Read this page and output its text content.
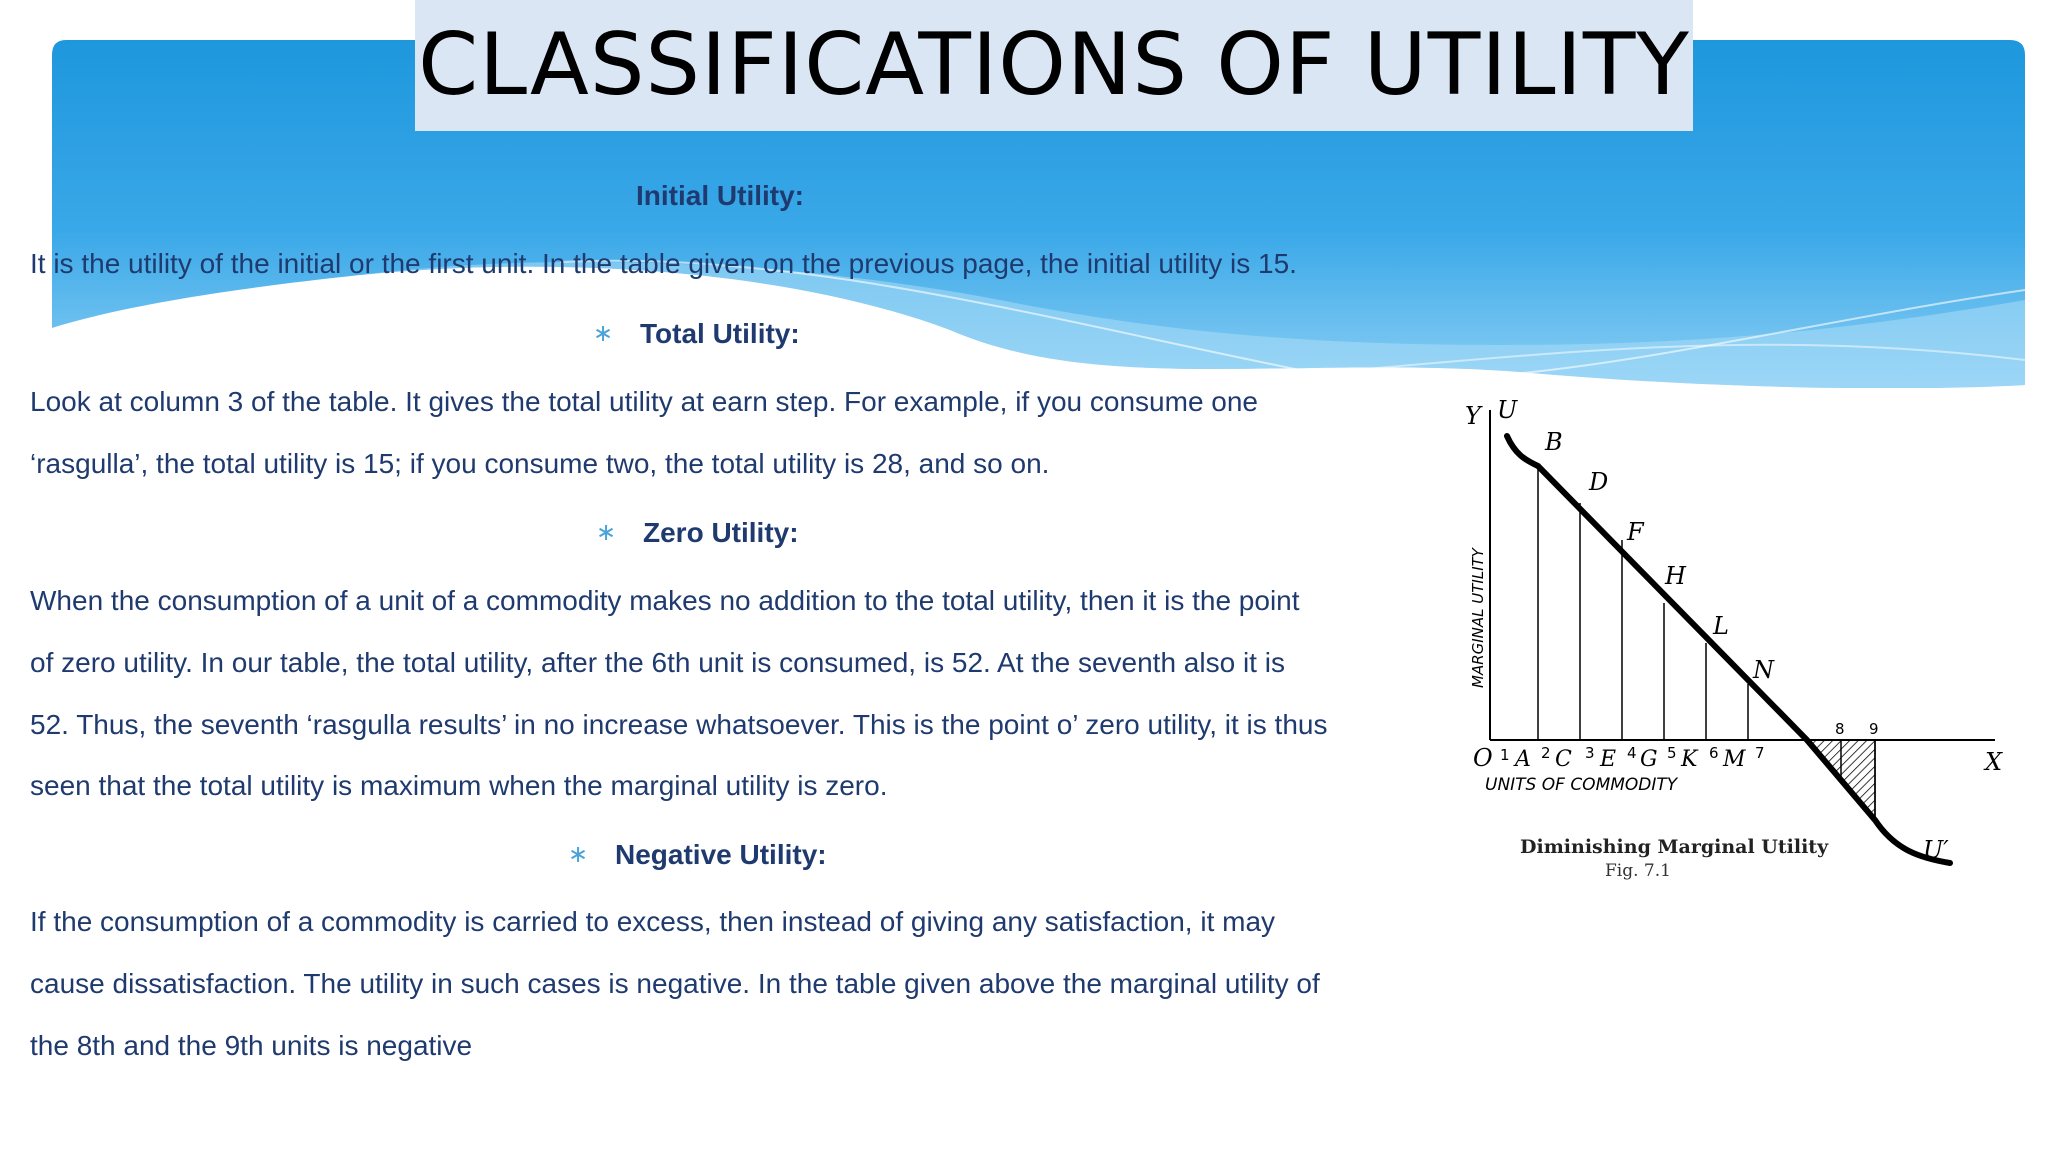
CLASSIFICATIONS OF UTILITY
Initial Utility:
It is the utility of the initial or the first unit. In the table given on the previous page, the initial utility is 15.
∗ Total Utility:
Look at column 3 of the table. It gives the total utility at earn step. For example, if you consume one
‘rasgulla’, the total utility is 15; if you consume two, the total utility is 28, and so on.
∗ Zero Utility:
When the consumption of a unit of a commodity makes no addition to the total utility, then it is the point
of zero utility. In our table, the total utility, after the 6th unit is consumed, is 52. At the seventh also it is
52. Thus, the seventh ‘rasgulla results’ in no increase whatsoever. This is the point o’ zero utility, it is thus
seen that the total utility is maximum when the marginal utility is zero.
∗ Negative Utility:
If the consumption of a commodity is carried to excess, then instead of giving any satisfaction, it may
cause dissatisfaction. The utility in such cases is negative. In the table given above the marginal utility of
the 8th and the 9th units is negative
Y U
B
D
F
H
L
N
O	X
U′
A C E G K M
1 2 3 4 5 6 7
8 9
MARGINAL UTILITY
UNITS OF COMMODITY
Diminishing Marginal Utility
Fig. 7.1
